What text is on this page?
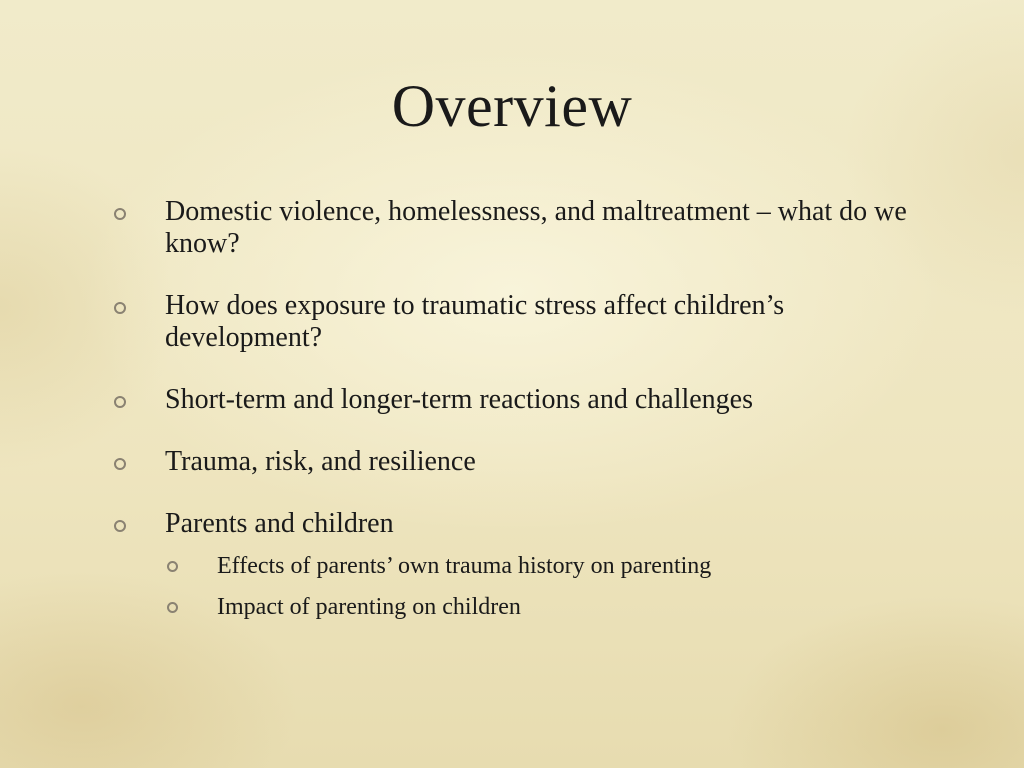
Overview
Domestic violence, homelessness, and maltreatment – what do we know?
How does exposure to traumatic stress affect children’s development?
Short-term and longer-term reactions and challenges
Trauma, risk, and resilience
Parents and children
Effects of parents’ own trauma history on parenting
Impact of parenting on children
